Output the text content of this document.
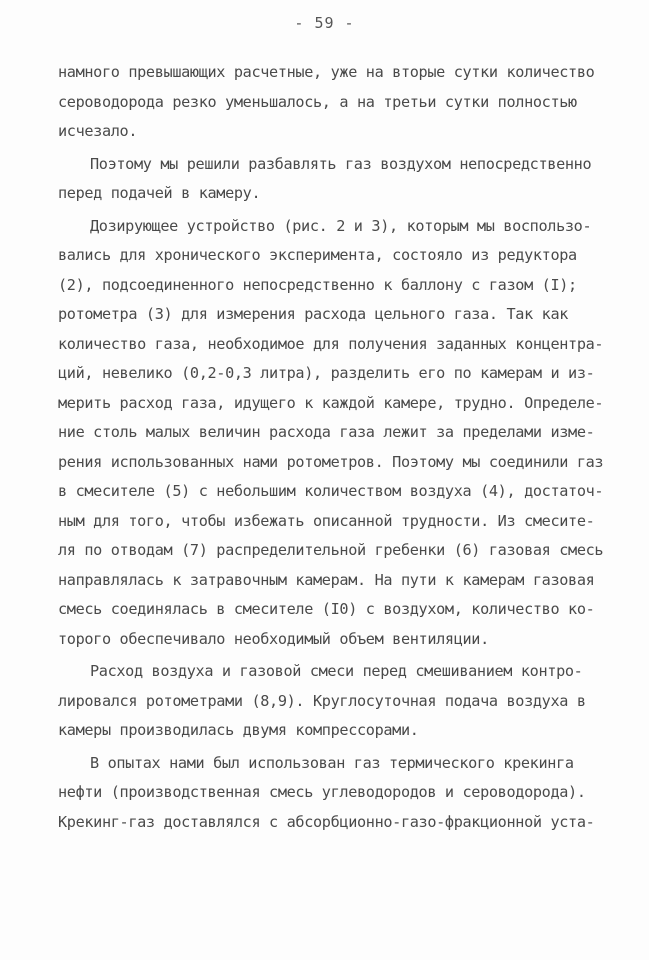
- 59 -
намного превышающих расчетные, уже на вторые сутки количество
сероводорода резко уменьшалось, а на третьи сутки полностью
исчезало.
Поэтому мы решили разбавлять газ воздухом непосредственно
перед подачей в камеру.
Дозирующее устройство (рис. 2 и 3), которым мы воспользо-
вались для хронического эксперимента, состояло из редуктора
(2), подсоединенного непосредственно к баллону с газом (I);
ротометра (3) для измерения расхода цельного газа. Так как
количество газа, необходимое для получения заданных концентра-
ций, невелико (0,2-0,3 литра), разделить его по камерам и из-
мерить расход газа, идущего к каждой камере, трудно. Определе-
ние столь малых величин расхода газа лежит за пределами изме-
рения использованных нами ротометров. Поэтому мы соединили газ
в смесителе (5) с небольшим количеством воздуха (4), достаточ-
ным для того, чтобы избежать описанной трудности. Из смесите-
ля по отводам (7) распределительной гребенки (6) газовая смесь
направлялась к затравочным камерам. На пути к камерам газовая
смесь соединялась в смесителе (I0) с воздухом, количество ко-
торого обеспечивало необходимый объем вентиляции.
Расход воздуха и газовой смеси перед смешиванием контро-
лировался ротометрами (8,9). Круглосуточная подача воздуха в
камеры производилась двумя компрессорами.
В опытах нами был использован газ термического крекинга
нефти (производственная смесь углеводородов и сероводорода).
Крекинг-газ доставлялся с абсорбционно-газо-фракционной уста-
